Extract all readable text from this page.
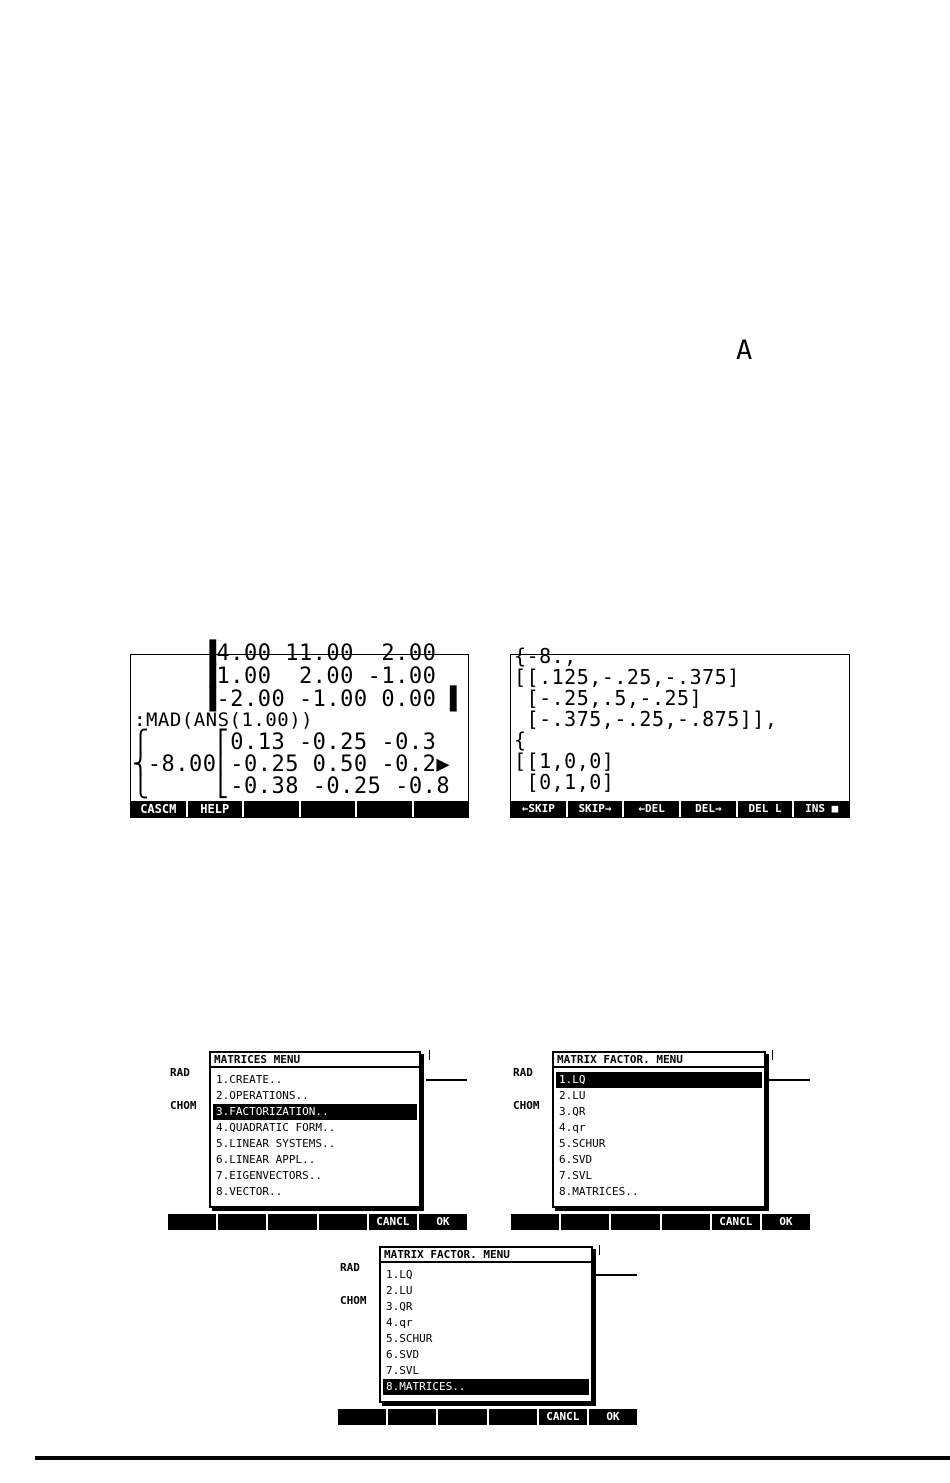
A
▐4.00 11.00  2.00
▐1.00  2.00 -1.00
▐-2.00 -1.00 0.00 ▌
:MAD(ANS(1.00))
⎧     ⎡0.13 -0.25 -0.3
⎨-8.00⎢-0.25 0.50 -0.2▶
⎩     ⎣-0.38 -0.25 -0.8
CASCM	HELP
{-8.,
[[.125,-.25,-.375]
[-.25,.5,-.25]
[-.375,-.25,-.875]],
{
[[1,0,0]
[0,1,0]
←SKIP	SKIP→	←DEL	DEL→	DEL L	INS ■

RAD

CHOM

MATRICES MENU
1.CREATE..
2.OPERATIONS..
3.FACTORIZATION..
4.QUADRATIC FORM..
5.LINEAR SYSTEMS..
6.LINEAR APPL..
7.EIGENVECTORS..
8.VECTOR..
CANCL	OK

RAD

CHOM

MATRIX FACTOR. MENU
1.LQ
2.LU
3.QR
4.qr
5.SCHUR
6.SVD
7.SVL
8.MATRICES..
CANCL	OK

RAD

CHOM

MATRIX FACTOR. MENU
1.LQ
2.LU
3.QR
4.qr
5.SCHUR
6.SVD
7.SVL
8.MATRICES..
CANCL	OK
